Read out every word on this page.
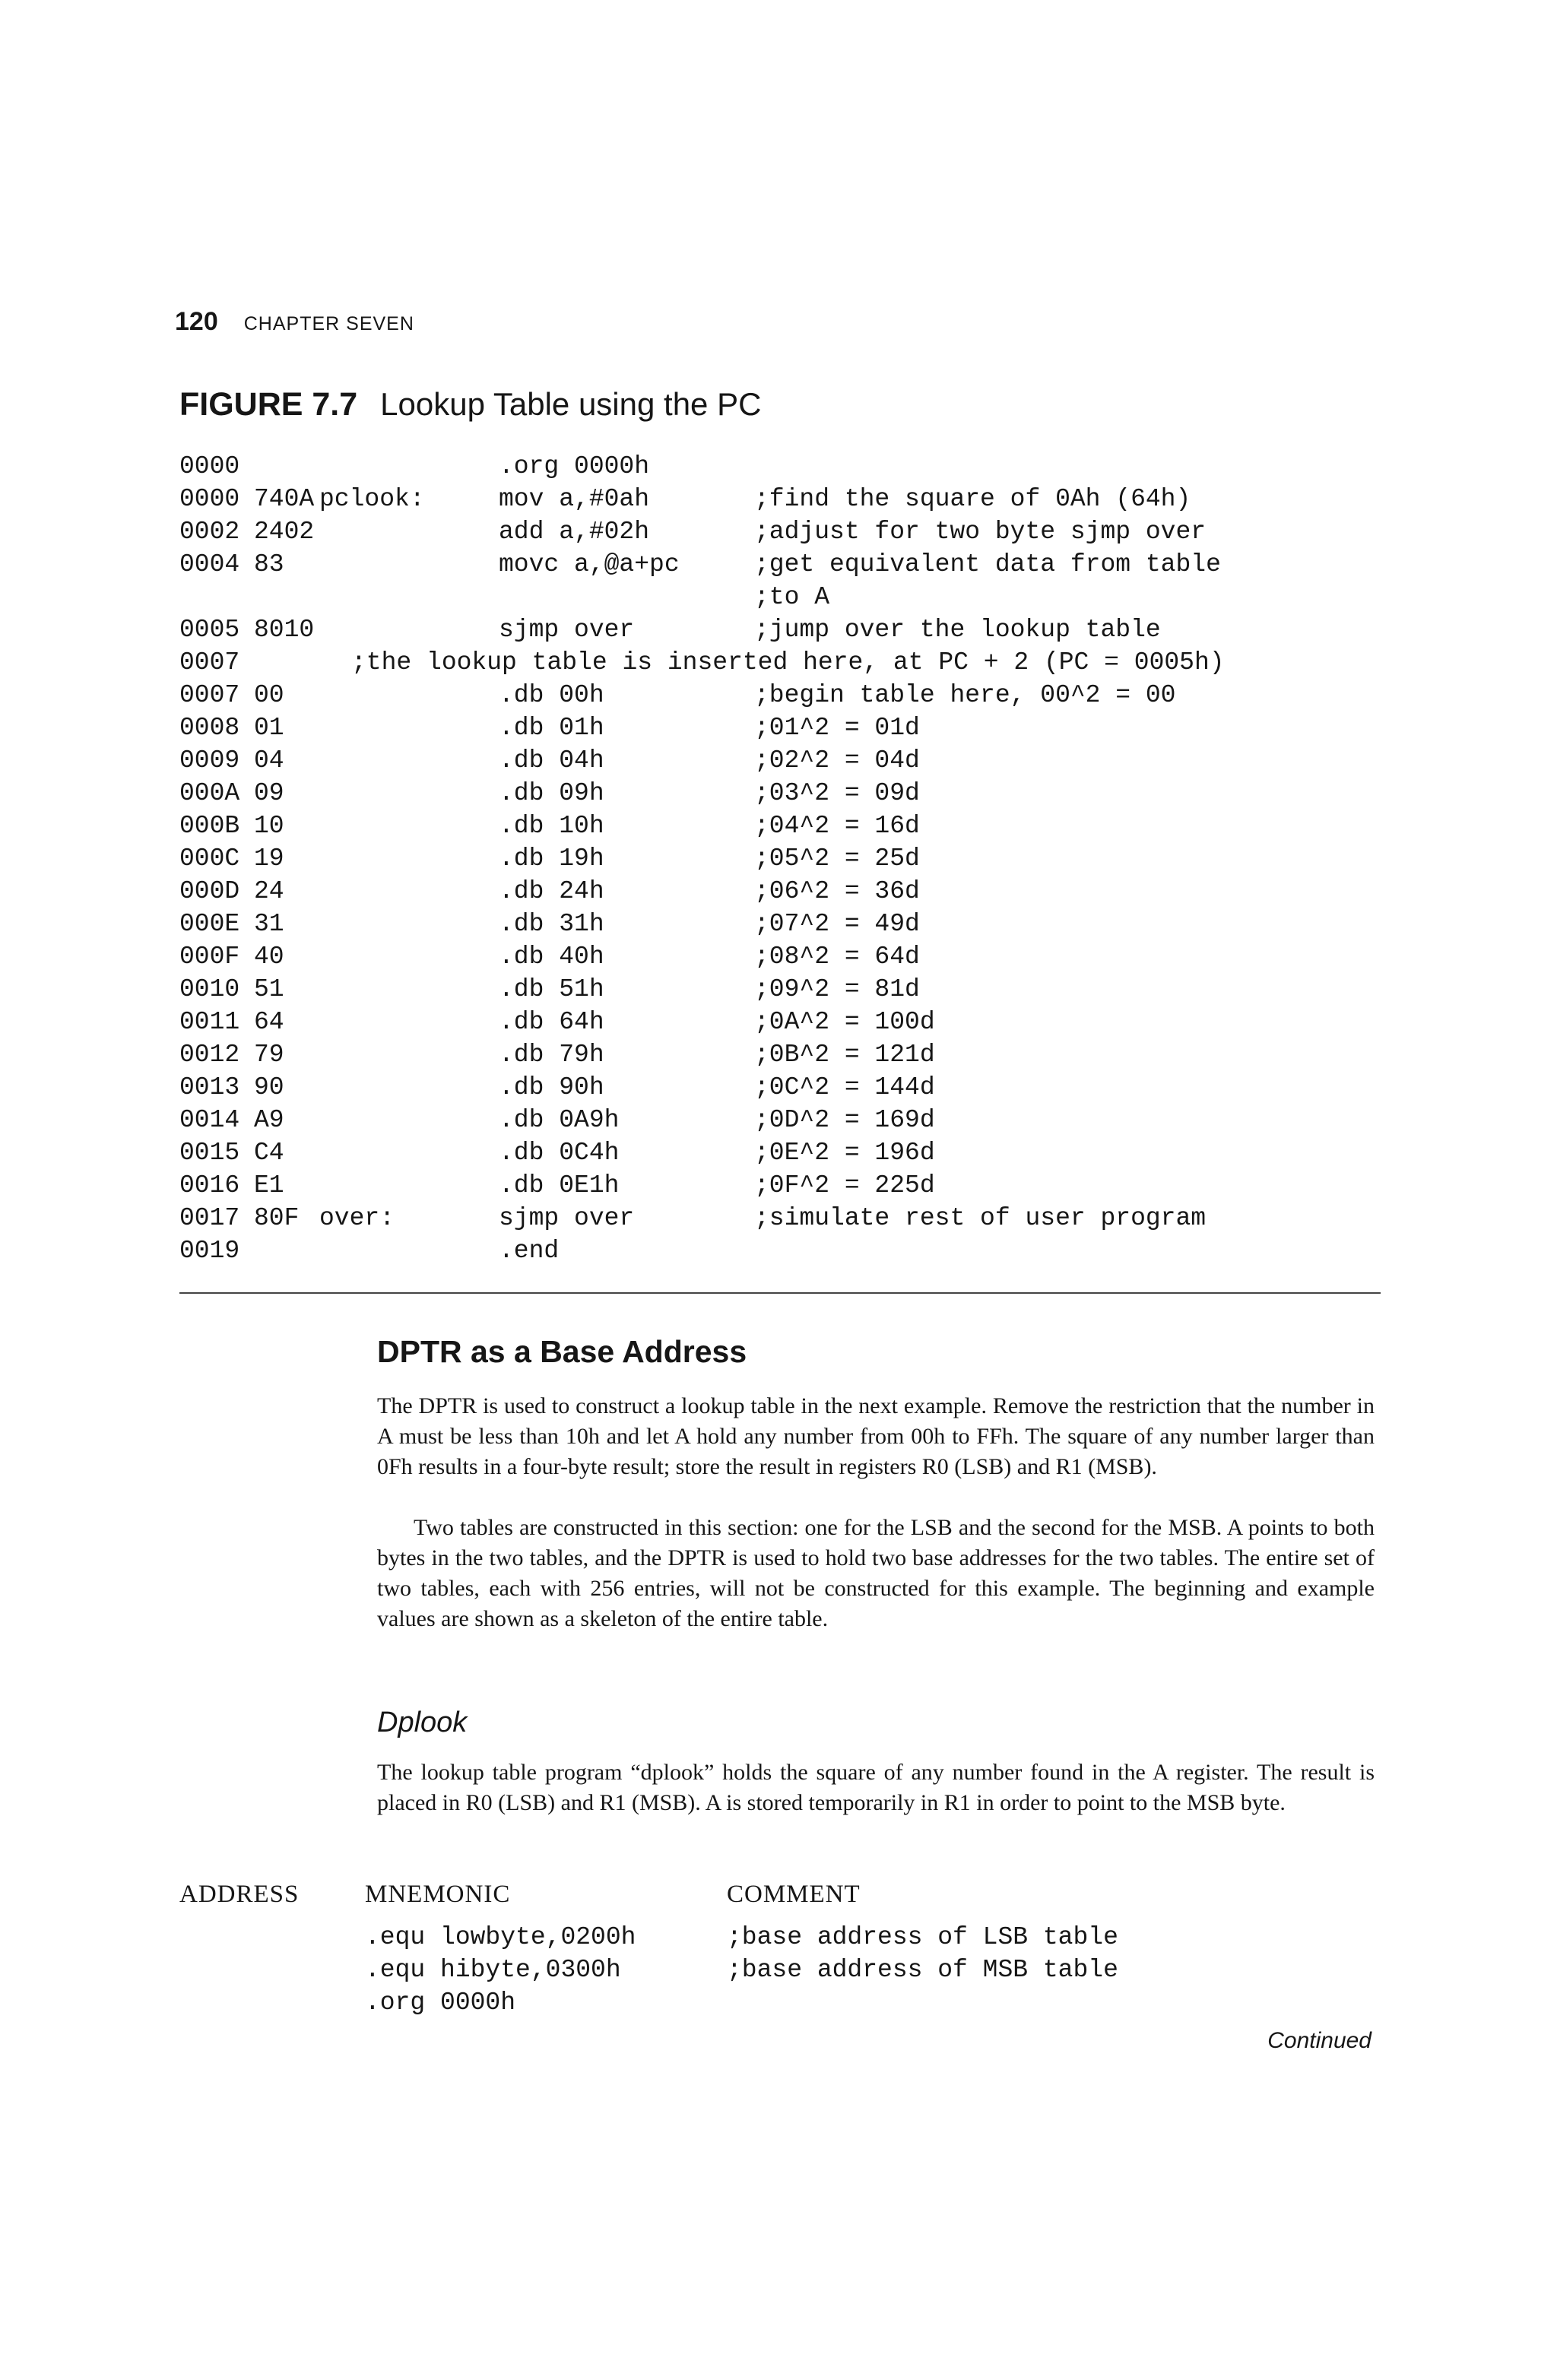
120 CHAPTER SEVEN
FIGURE 7.7 Lookup Table using the PC
0000	.org 0000h
0000 740A pclook:	mov a,#0ah	;find the square of 0Ah (64h)
0002 2402	add a,#02h	;adjust for two byte sjmp over
0004 83	movc a,@a+pc	;get equivalent data from table
;to A
0005 8010	sjmp over	;jump over the lookup table
0007	;the lookup table is inserted here, at PC + 2 (PC = 0005h)
0007 00	.db 00h	;begin table here, 00^2 = 00
0008 01	.db 01h	;01^2 = 01d
0009 04	.db 04h	;02^2 = 04d
000A 09	.db 09h	;03^2 = 09d
000B 10	.db 10h	;04^2 = 16d
000C 19	.db 19h	;05^2 = 25d
000D 24	.db 24h	;06^2 = 36d
000E 31	.db 31h	;07^2 = 49d
000F 40	.db 40h	;08^2 = 64d
0010 51	.db 51h	;09^2 = 81d
0011 64	.db 64h	;0A^2 = 100d
0012 79	.db 79h	;0B^2 = 121d
0013 90	.db 90h	;0C^2 = 144d
0014 A9	.db 0A9h	;0D^2 = 169d
0015 C4	.db 0C4h	;0E^2 = 196d
0016 E1	.db 0E1h	;0F^2 = 225d
0017 80F over:	sjmp over	;simulate rest of user program
0019	.end
DPTR as a Base Address
The DPTR is used to construct a lookup table in the next example. Remove the restriction that the number in A must be less than 10h and let A hold any number from 00h to FFh. The square of any number larger than 0Fh results in a four-byte result; store the result in registers R0 (LSB) and R1 (MSB).
Two tables are constructed in this section: one for the LSB and the second for the MSB. A points to both bytes in the two tables, and the DPTR is used to hold two base addresses for the two tables. The entire set of two tables, each with 256 entries, will not be constructed for this example. The beginning and example values are shown as a skeleton of the entire table.
Dplook
The lookup table program “dplook” holds the square of any number found in the A register. The result is placed in R0 (LSB) and R1 (MSB). A is stored temporarily in R1 in order to point to the MSB byte.
ADDRESS	MNEMONIC	COMMENT
.equ lowbyte,0200h	;base address of LSB table
.equ hibyte,0300h	;base address of MSB table
.org 0000h
Continued
